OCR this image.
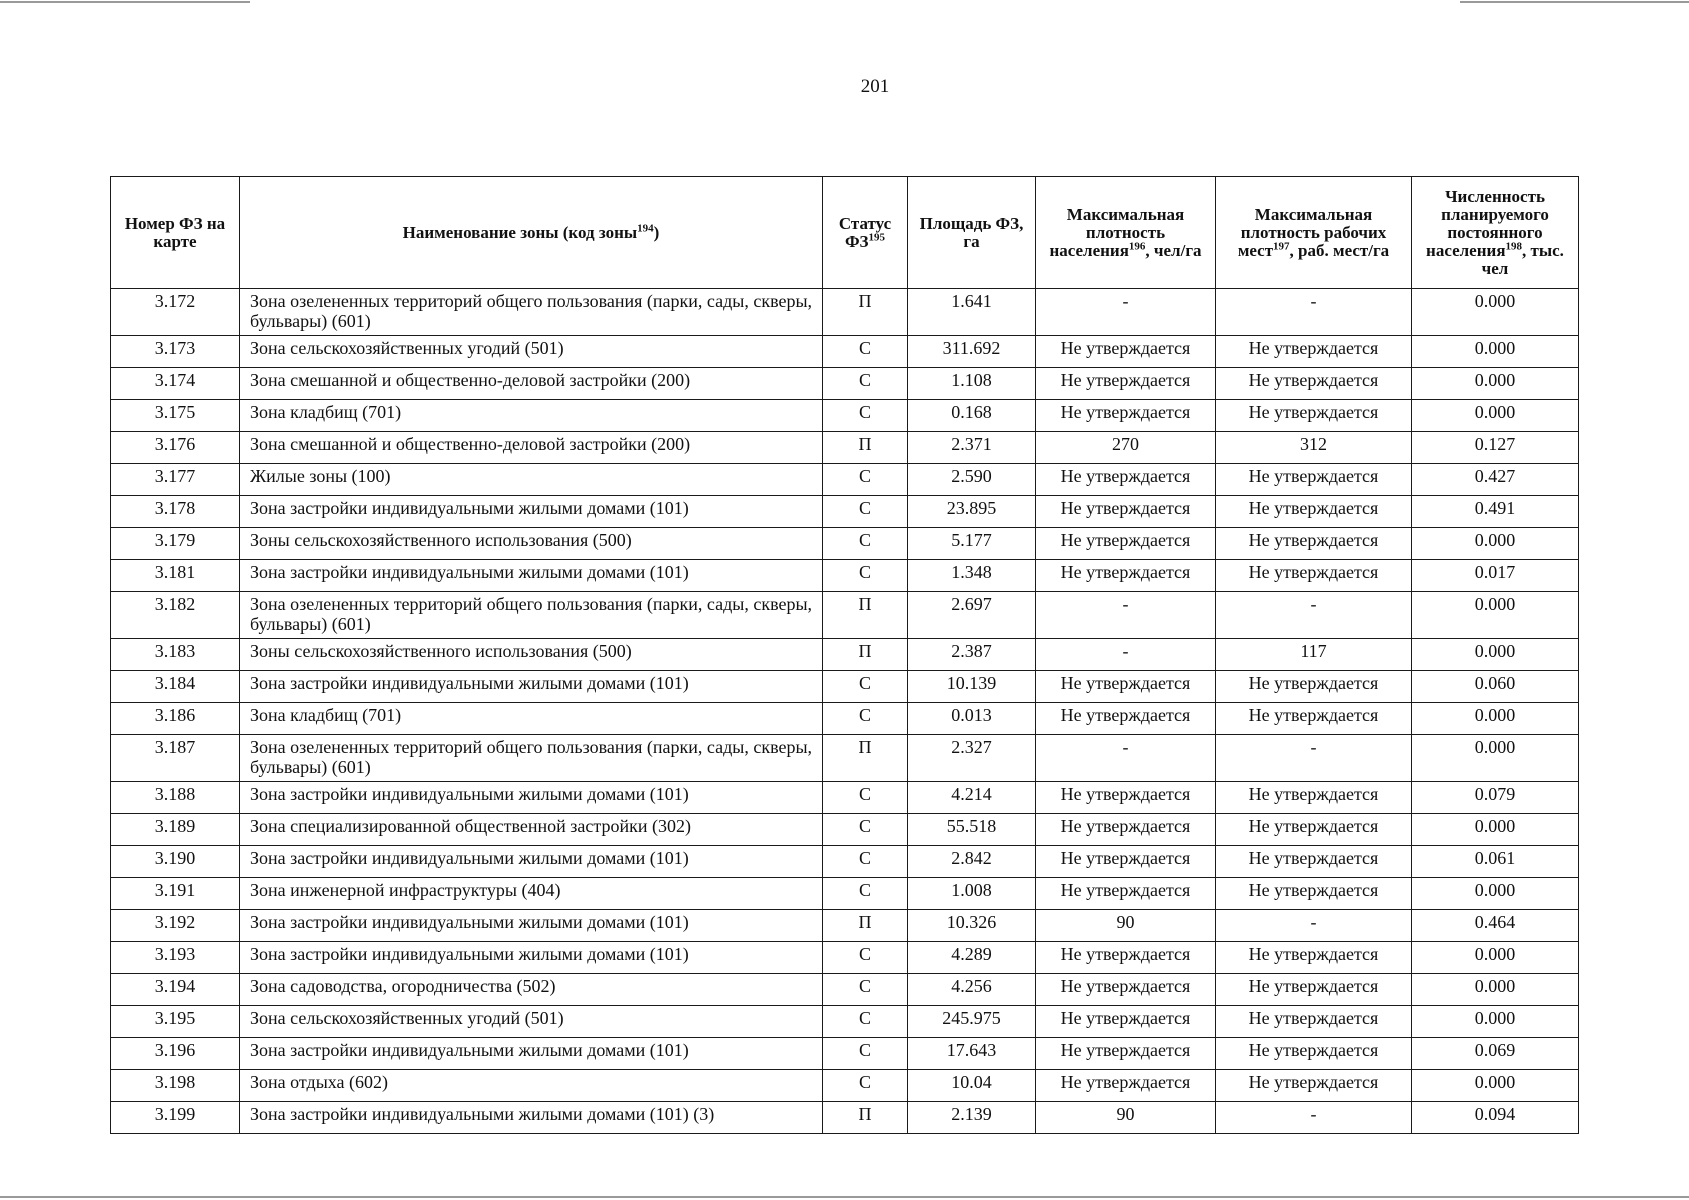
201
Номер ФЗ на карте	Наименование зоны (код зоны$^{194}$)	Статус ФЗ$^{195}$	Площадь ФЗ, га	Максимальная плотность населения$^{196}$, чел/га	Максимальная плотность рабочих мест$^{197}$, раб. мест/га	Численность планируемого постоянного населения$^{198}$, тыс. чел
3.172	Зона озелененных территорий общего пользования (парки, сады, скверы, бульвары) (601)	П	1.641	-	-	0.000
3.173	Зона сельскохозяйственных угодий (501)	С	311.692	Не утверждается	Не утверждается	0.000
3.174	Зона смешанной и общественно-деловой застройки (200)	С	1.108	Не утверждается	Не утверждается	0.000
3.175	Зона кладбищ (701)	С	0.168	Не утверждается	Не утверждается	0.000
3.176	Зона смешанной и общественно-деловой застройки (200)	П	2.371	270	312	0.127
3.177	Жилые зоны (100)	С	2.590	Не утверждается	Не утверждается	0.427
3.178	Зона застройки индивидуальными жилыми домами (101)	С	23.895	Не утверждается	Не утверждается	0.491
3.179	Зоны сельскохозяйственного использования (500)	С	5.177	Не утверждается	Не утверждается	0.000
3.181	Зона застройки индивидуальными жилыми домами (101)	С	1.348	Не утверждается	Не утверждается	0.017
3.182	Зона озелененных территорий общего пользования (парки, сады, скверы, бульвары) (601)	П	2.697	-	-	0.000
3.183	Зоны сельскохозяйственного использования (500)	П	2.387	-	117	0.000
3.184	Зона застройки индивидуальными жилыми домами (101)	С	10.139	Не утверждается	Не утверждается	0.060
3.186	Зона кладбищ (701)	С	0.013	Не утверждается	Не утверждается	0.000
3.187	Зона озелененных территорий общего пользования (парки, сады, скверы, бульвары) (601)	П	2.327	-	-	0.000
3.188	Зона застройки индивидуальными жилыми домами (101)	С	4.214	Не утверждается	Не утверждается	0.079
3.189	Зона специализированной общественной застройки (302)	С	55.518	Не утверждается	Не утверждается	0.000
3.190	Зона застройки индивидуальными жилыми домами (101)	С	2.842	Не утверждается	Не утверждается	0.061
3.191	Зона инженерной инфраструктуры (404)	С	1.008	Не утверждается	Не утверждается	0.000
3.192	Зона застройки индивидуальными жилыми домами (101)	П	10.326	90	-	0.464
3.193	Зона застройки индивидуальными жилыми домами (101)	С	4.289	Не утверждается	Не утверждается	0.000
3.194	Зона садоводства, огородничества (502)	С	4.256	Не утверждается	Не утверждается	0.000
3.195	Зона сельскохозяйственных угодий (501)	С	245.975	Не утверждается	Не утверждается	0.000
3.196	Зона застройки индивидуальными жилыми домами (101)	С	17.643	Не утверждается	Не утверждается	0.069
3.198	Зона отдыха (602)	С	10.04	Не утверждается	Не утверждается	0.000
3.199	Зона застройки индивидуальными жилыми домами (101) (3)	П	2.139	90	-	0.094
